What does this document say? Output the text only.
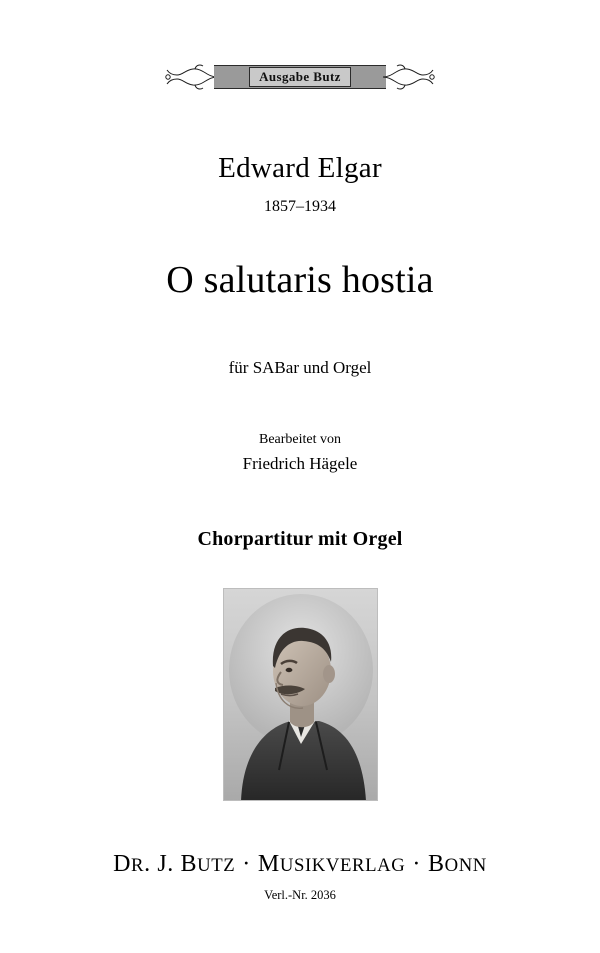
Ausgabe Butz
Edward Elgar
1857–1934
O salutaris hostia
für SABar und Orgel
Bearbeitet von
Friedrich Hägele
Chorpartitur mit Orgel
DR. J. BUTZ · MUSIKVERLAG · BONN
Verl.-Nr. 2036
